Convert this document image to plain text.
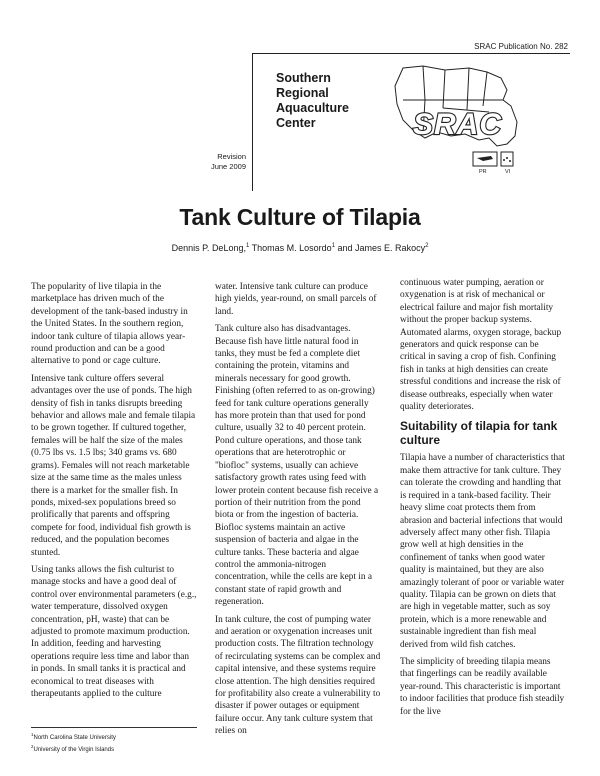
SRAC Publication No. 282
Southern
Regional
Aquaculture
Center
Revision
June 2009
SRAC
PR	VI
Tank Culture of Tilapia
Dennis P. DeLong,$^1$ Thomas M. Losordo$^1$ and James E. Rakocy$^2$

The popularity of live tilapia in the marketplace has driven much of the development of the tank-based industry in the United States. In the southern region, indoor tank culture of tilapia allows year-round production and can be a good alternative to pond or cage culture.

Intensive tank culture offers several advantages over the use of ponds. The high density of fish in tanks disrupts breeding behavior and allows male and female tilapia to be grown together. If cultured together, females will be half the size of the males (0.75 lbs vs. 1.5 lbs; 340 grams vs. 680 grams). Females will not reach marketable size at the same time as the males unless there is a market for the smaller fish. In ponds, mixed-sex populations breed so prolifically that parents and offspring compete for food, individual fish growth is reduced, and the population becomes stunted.

Using tanks allows the fish culturist to manage stocks and have a good deal of control over environmental parameters (e.g., water temperature, dissolved oxygen concentration, pH, waste) that can be adjusted to promote maximum production. In addition, feeding and harvesting operations require less time and labor than in ponds. In small tanks it is practical and economical to treat diseases with therapeutants applied to the culture

water. Intensive tank culture can produce high yields, year-round, on small parcels of land.

Tank culture also has disadvantages. Because fish have little natural food in tanks, they must be fed a complete diet containing the protein, vitamins and minerals necessary for good growth. Finishing (often referred to as on-growing) feed for tank culture operations generally has more protein than that used for pond culture, usually 32 to 40 percent protein. Pond culture operations, and those tank operations that are heterotrophic or "biofloc" systems, usually can achieve satisfactory growth rates using feed with lower protein content because fish receive a portion of their nutrition from the pond biota or from the ingestion of bacteria. Biofloc systems maintain an active suspension of bacteria and algae in the culture tanks. These bacteria and algae control the ammonia-nitrogen concentration, while the cells are kept in a constant state of rapid growth and regeneration.

In tank culture, the cost of pumping water and aeration or oxygenation increases unit production costs. The filtration technology of recirculating systems can be complex and capital intensive, and these systems require close attention. The high densities required for profitability also create a vulnerability to disaster if power outages or equipment failure occur. Any tank culture system that relies on

continuous water pumping, aeration or oxygenation is at risk of mechanical or electrical failure and major fish mortality without the proper backup systems. Automated alarms, oxygen storage, backup generators and quick response can be critical in saving a crop of fish. Confining fish in tanks at high densities can create stressful conditions and increase the risk of disease outbreaks, especially when water quality deteriorates.

Suitability of tilapia for tank culture

Tilapia have a number of characteristics that make them attractive for tank culture. They can tolerate the crowding and handling that is required in a tank-based facility. Their heavy slime coat protects them from abrasion and bacterial infections that would adversely affect many other fish. Tilapia grow well at high densities in the confinement of tanks when good water quality is maintained, but they are also amazingly tolerant of poor or variable water quality. Tilapia can be grown on diets that are high in vegetable matter, such as soy protein, which is a more renewable and sustainable ingredient than fish meal derived from wild fish catches.

The simplicity of breeding tilapia means that fingerlings can be readily available year-round. This characteristic is important to indoor facilities that produce fish steadily for the live

$^1$North Carolina State University
$^2$University of the Virgin Islands
